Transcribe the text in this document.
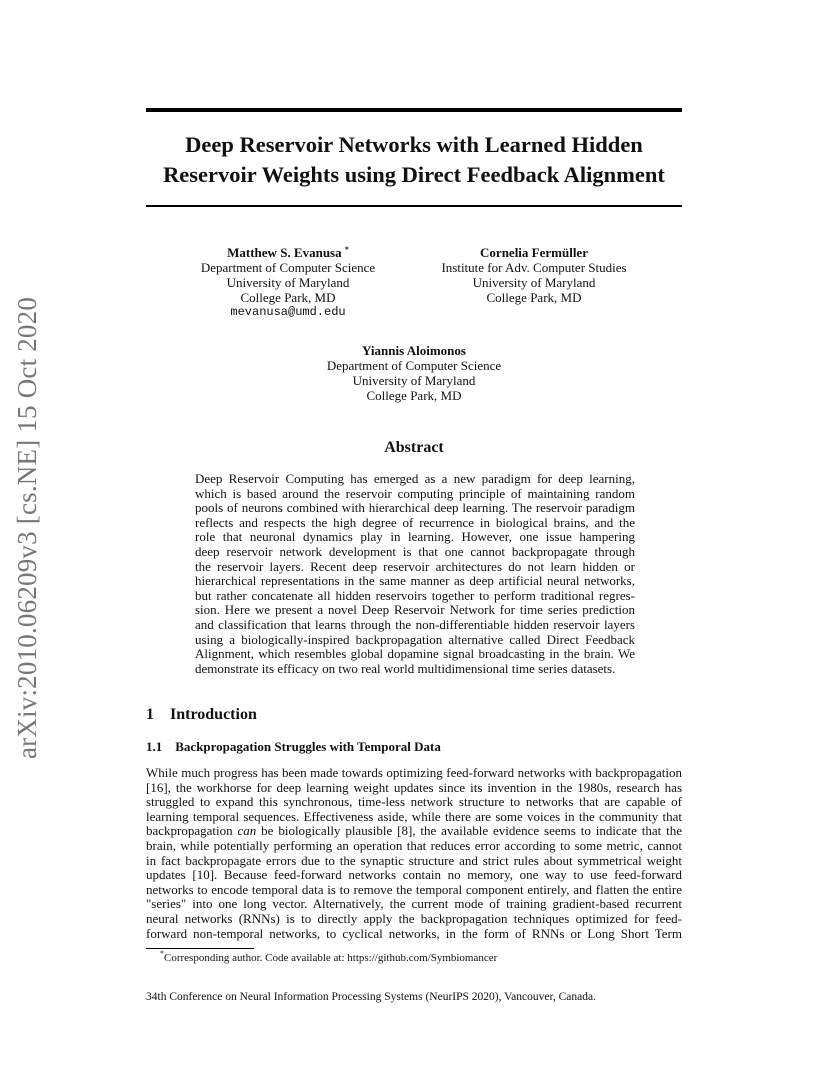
arXiv:2010.06209v3 [cs.NE] 15 Oct 2020
Deep Reservoir Networks with Learned Hidden
Reservoir Weights using Direct Feedback Alignment
Matthew S. Evanusa *
Department of Computer Science
University of Maryland
College Park, MD
mevanusa@umd.edu
Cornelia Fermüller
Institute for Adv. Computer Studies
University of Maryland
College Park, MD
Yiannis Aloimonos
Department of Computer Science
University of Maryland
College Park, MD
Abstract
Deep Reservoir Computing has emerged as a new paradigm for deep learning,
which is based around the reservoir computing principle of maintaining random
pools of neurons combined with hierarchical deep learning. The reservoir paradigm
reflects and respects the high degree of recurrence in biological brains, and the
role that neuronal dynamics play in learning. However, one issue hampering
deep reservoir network development is that one cannot backpropagate through
the reservoir layers. Recent deep reservoir architectures do not learn hidden or
hierarchical representations in the same manner as deep artificial neural networks,
but rather concatenate all hidden reservoirs together to perform traditional regres-
sion. Here we present a novel Deep Reservoir Network for time series prediction
and classification that learns through the non-differentiable hidden reservoir layers
using a biologically-inspired backpropagation alternative called Direct Feedback
Alignment, which resembles global dopamine signal broadcasting in the brain. We
demonstrate its efficacy on two real world multidimensional time series datasets.
1 Introduction
1.1 Backpropagation Struggles with Temporal Data
While much progress has been made towards optimizing feed-forward networks with backpropagation
[16], the workhorse for deep learning weight updates since its invention in the 1980s, research has
struggled to expand this synchronous, time-less network structure to networks that are capable of
learning temporal sequences. Effectiveness aside, while there are some voices in the community that
backpropagation can be biologically plausible [8], the available evidence seems to indicate that the
brain, while potentially performing an operation that reduces error according to some metric, cannot
in fact backpropagate errors due to the synaptic structure and strict rules about symmetrical weight
updates [10]. Because feed-forward networks contain no memory, one way to use feed-forward
networks to encode temporal data is to remove the temporal component entirely, and flatten the entire
"series" into one long vector. Alternatively, the current mode of training gradient-based recurrent
neural networks (RNNs) is to directly apply the backpropagation techniques optimized for feed-
forward non-temporal networks, to cyclical networks, in the form of RNNs or Long Short Term
*Corresponding author. Code available at: https://github.com/Symbiomancer
34th Conference on Neural Information Processing Systems (NeurIPS 2020), Vancouver, Canada.
